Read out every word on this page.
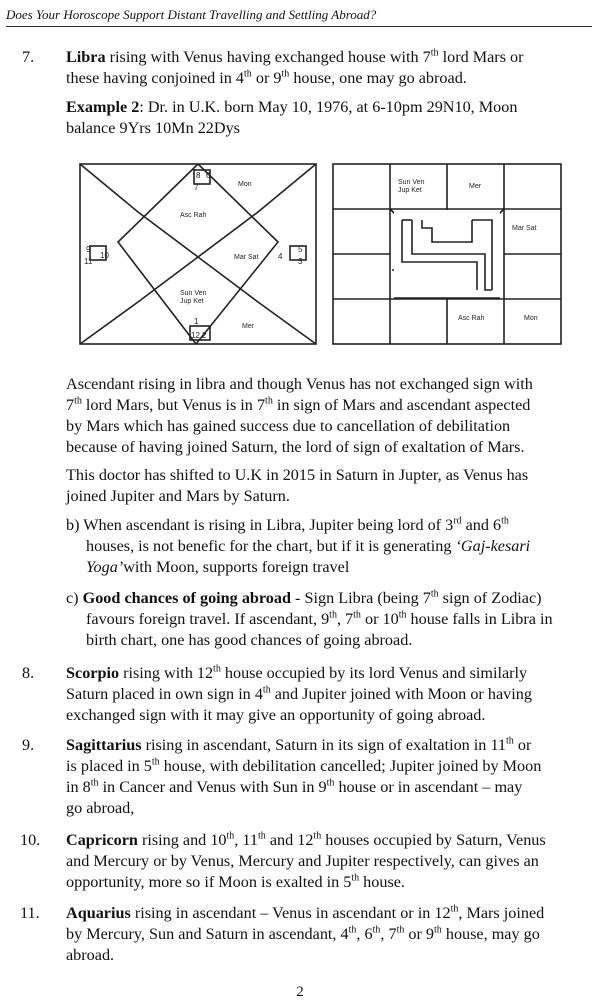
Does Your Horoscope Support Distant Travelling and Settling Abroad?
7. Libra rising with Venus having exchanged house with 7th lord Mars or
these having conjoined in 4th or 9th house, one may go abroad.
Example 2: Dr. in U.K. born May 10, 1976, at 6-10pm 29N10, Moon
balance 9Yrs 10Mn 22Dys
8 6
7	Mon
Asc Rah
9
11
10	Mar Sat 4
5
3
Sun Ven
Jup Ket
1
Mer
12 2
Sun Ven
Jup Ket
Mer
Mar Sat
Asc Rah	Mon
Ascendant rising in libra and though Venus has not exchanged sign with
7th lord Mars, but Venus is in 7th in sign of Mars and ascendant aspected
by Mars which has gained success due to cancellation of debilitation
because of having joined Saturn, the lord of sign of exaltation of Mars.
This doctor has shifted to U.K in 2015 in Saturn in Jupter, as Venus has
joined Jupiter and Mars by Saturn.
b) When ascendant is rising in Libra, Jupiter being lord of 3rd and 6th
houses, is not benefic for the chart, but if it is generating ‘Gaj-kesari
Yoga’with Moon, supports foreign travel
c) Good chances of going abroad - Sign Libra (being 7th sign of Zodiac)
favours foreign travel. If ascendant, 9th, 7th or 10th house falls in Libra in
birth chart, one has good chances of going abroad.
8. Scorpio rising with 12th house occupied by its lord Venus and similarly
Saturn placed in own sign in 4th and Jupiter joined with Moon or having
exchanged sign with it may give an opportunity of going abroad.
9. Sagittarius rising in ascendant, Saturn in its sign of exaltation in 11th or
is placed in 5th house, with debilitation cancelled; Jupiter joined by Moon
in 8th in Cancer and Venus with Sun in 9th house or in ascendant – may
go abroad,
10. Capricorn rising and 10th, 11th and 12th houses occupied by Saturn, Venus
and Mercury or by Venus, Mercury and Jupiter respectively, can gives an
opportunity, more so if Moon is exalted in 5th house.
11. Aquarius rising in ascendant – Venus in ascendant or in 12th, Mars joined
by Mercury, Sun and Saturn in ascendant, 4th, 6th, 7th or 9th house, may go
abroad.
2
